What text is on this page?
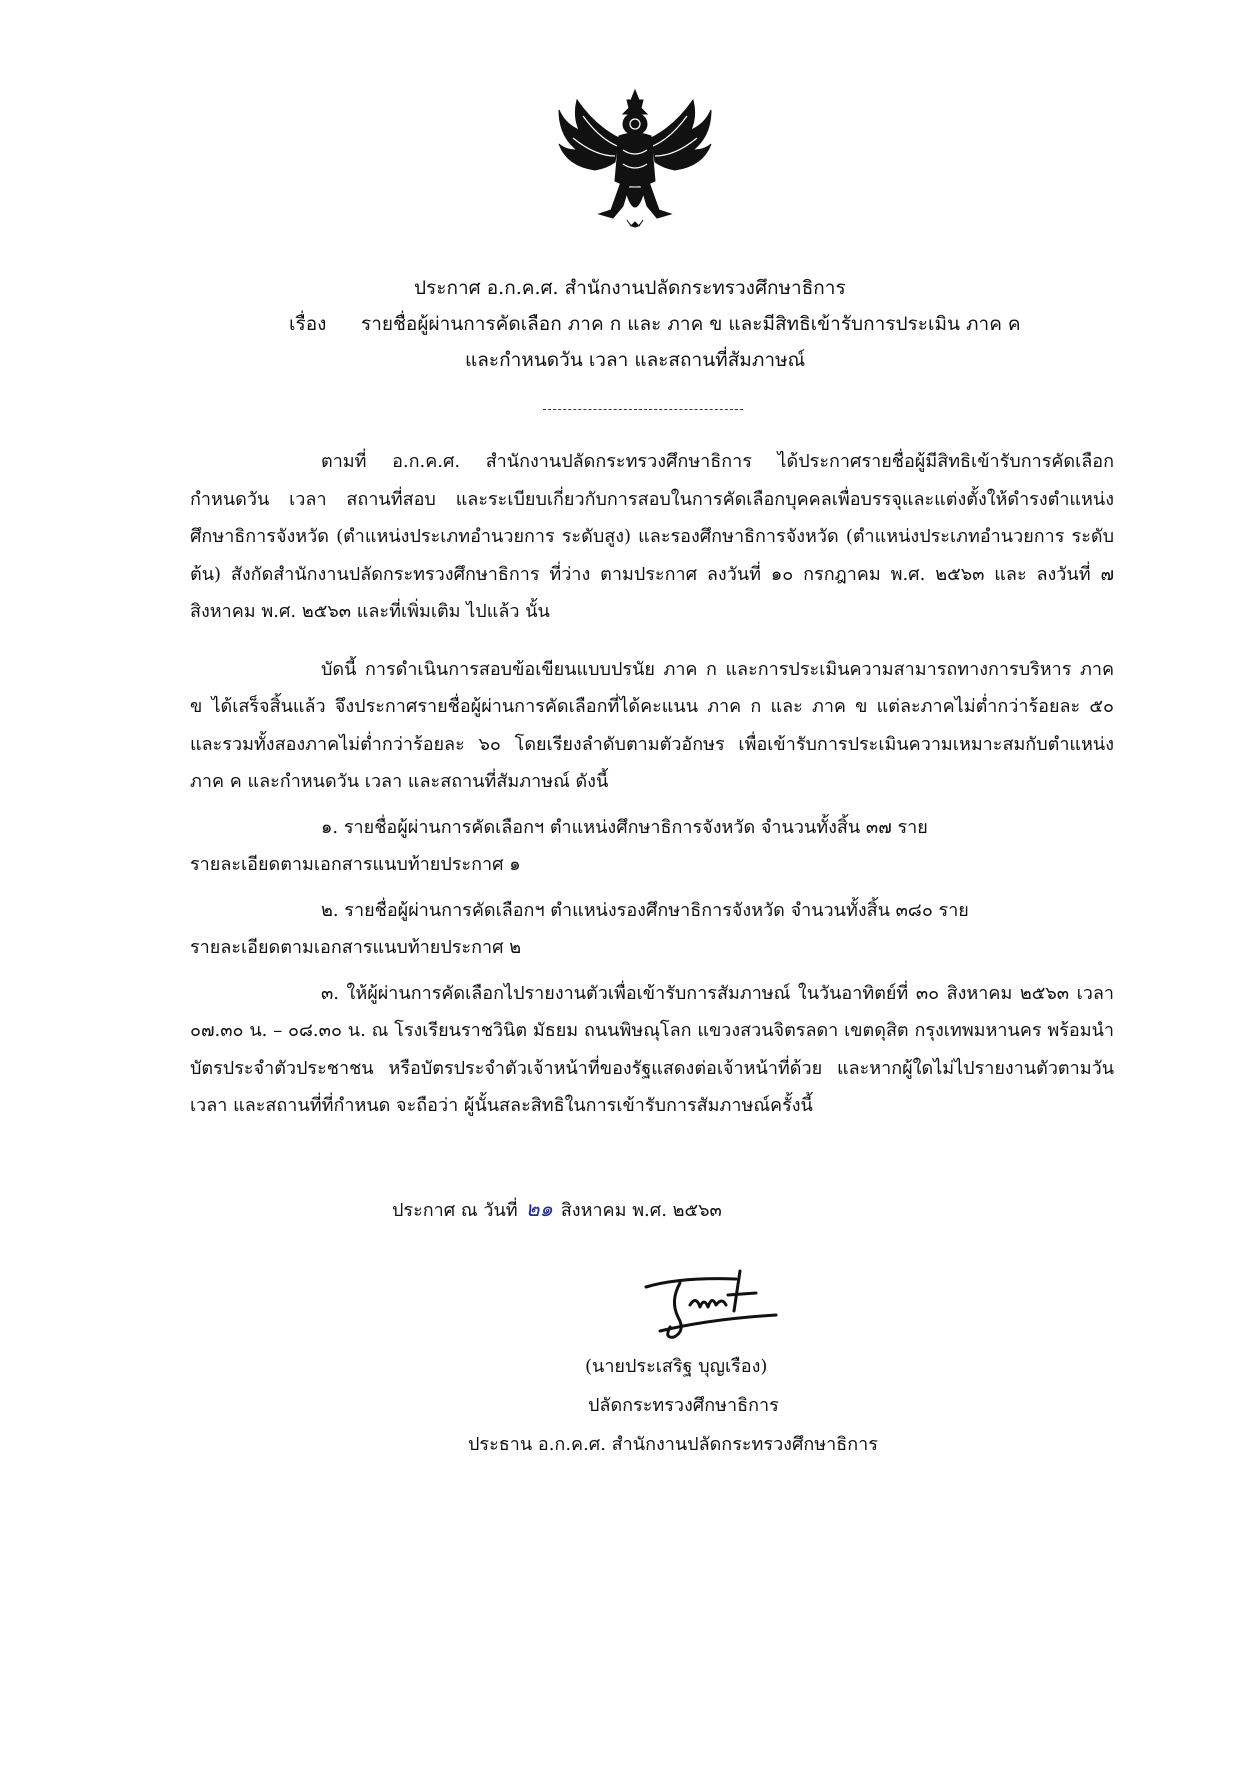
ประกาศ อ.ก.ค.ศ. สำนักงานปลัดกระทรวงศึกษาธิการ
เรื่อง รายชื่อผู้ผ่านการคัดเลือก ภาค ก และ ภาค ข และมีสิทธิเข้ารับการประเมิน ภาค ค
และกำหนดวัน เวลา และสถานที่สัมภาษณ์

ตามที่ อ.ก.ค.ศ. สำนักงานปลัดกระทรวงศึกษาธิการ ได้ประกาศรายชื่อผู้มีสิทธิเข้ารับการคัดเลือก กำหนดวัน เวลา สถานที่สอบ และระเบียบเกี่ยวกับการสอบในการคัดเลือกบุคคลเพื่อบรรจุและแต่งตั้งให้ดำรงตำแหน่งศึกษาธิการจังหวัด (ตำแหน่งประเภทอำนวยการ ระดับสูง) และรองศึกษาธิการจังหวัด (ตำแหน่งประเภทอำนวยการ ระดับต้น) สังกัดสำนักงานปลัดกระทรวงศึกษาธิการ ที่ว่าง ตามประกาศ ลงวันที่ ๑๐ กรกฎาคม พ.ศ. ๒๕๖๓ และ ลงวันที่ ๗ สิงหาคม พ.ศ. ๒๕๖๓ และที่เพิ่มเติม ไปแล้ว นั้น

บัดนี้ การดำเนินการสอบข้อเขียนแบบปรนัย ภาค ก และการประเมินความสามารถทางการบริหาร ภาค ข ได้เสร็จสิ้นแล้ว จึงประกาศรายชื่อผู้ผ่านการคัดเลือกที่ได้คะแนน ภาค ก และ ภาค ข แต่ละภาคไม่ต่ำกว่าร้อยละ ๕๐ และรวมทั้งสองภาคไม่ต่ำกว่าร้อยละ ๖๐ โดยเรียงลำดับตามตัวอักษร เพื่อเข้ารับการประเมินความเหมาะสมกับตำแหน่ง ภาค ค และกำหนดวัน เวลา และสถานที่สัมภาษณ์ ดังนี้

๑. รายชื่อผู้ผ่านการคัดเลือกฯ ตำแหน่งศึกษาธิการจังหวัด จำนวนทั้งสิ้น ๓๗ ราย

รายละเอียดตามเอกสารแนบท้ายประกาศ ๑

๒. รายชื่อผู้ผ่านการคัดเลือกฯ ตำแหน่งรองศึกษาธิการจังหวัด จำนวนทั้งสิ้น ๓๘๐ ราย

รายละเอียดตามเอกสารแนบท้ายประกาศ ๒

๓. ให้ผู้ผ่านการคัดเลือกไปรายงานตัวเพื่อเข้ารับการสัมภาษณ์ ในวันอาทิตย์ที่ ๓๐ สิงหาคม ๒๕๖๓ เวลา ๐๗.๓๐ น. – ๐๘.๓๐ น. ณ โรงเรียนราชวินิต มัธยม ถนนพิษณุโลก แขวงสวนจิตรลดา เขตดุสิต กรุงเทพมหานคร พร้อมนำบัตรประจำตัวประชาชน หรือบัตรประจำตัวเจ้าหน้าที่ของรัฐแสดงต่อเจ้าหน้าที่ด้วย และหากผู้ใดไม่ไปรายงานตัวตามวัน เวลา และสถานที่ที่กำหนด จะถือว่า ผู้นั้นสละสิทธิในการเข้ารับการสัมภาษณ์ครั้งนี้

ประกาศ ณ วันที่ ๒๑ สิงหาคม พ.ศ. ๒๕๖๓
(นายประเสริฐ บุญเรือง)
ปลัดกระทรวงศึกษาธิการ
ประธาน อ.ก.ค.ศ. สำนักงานปลัดกระทรวงศึกษาธิการ
